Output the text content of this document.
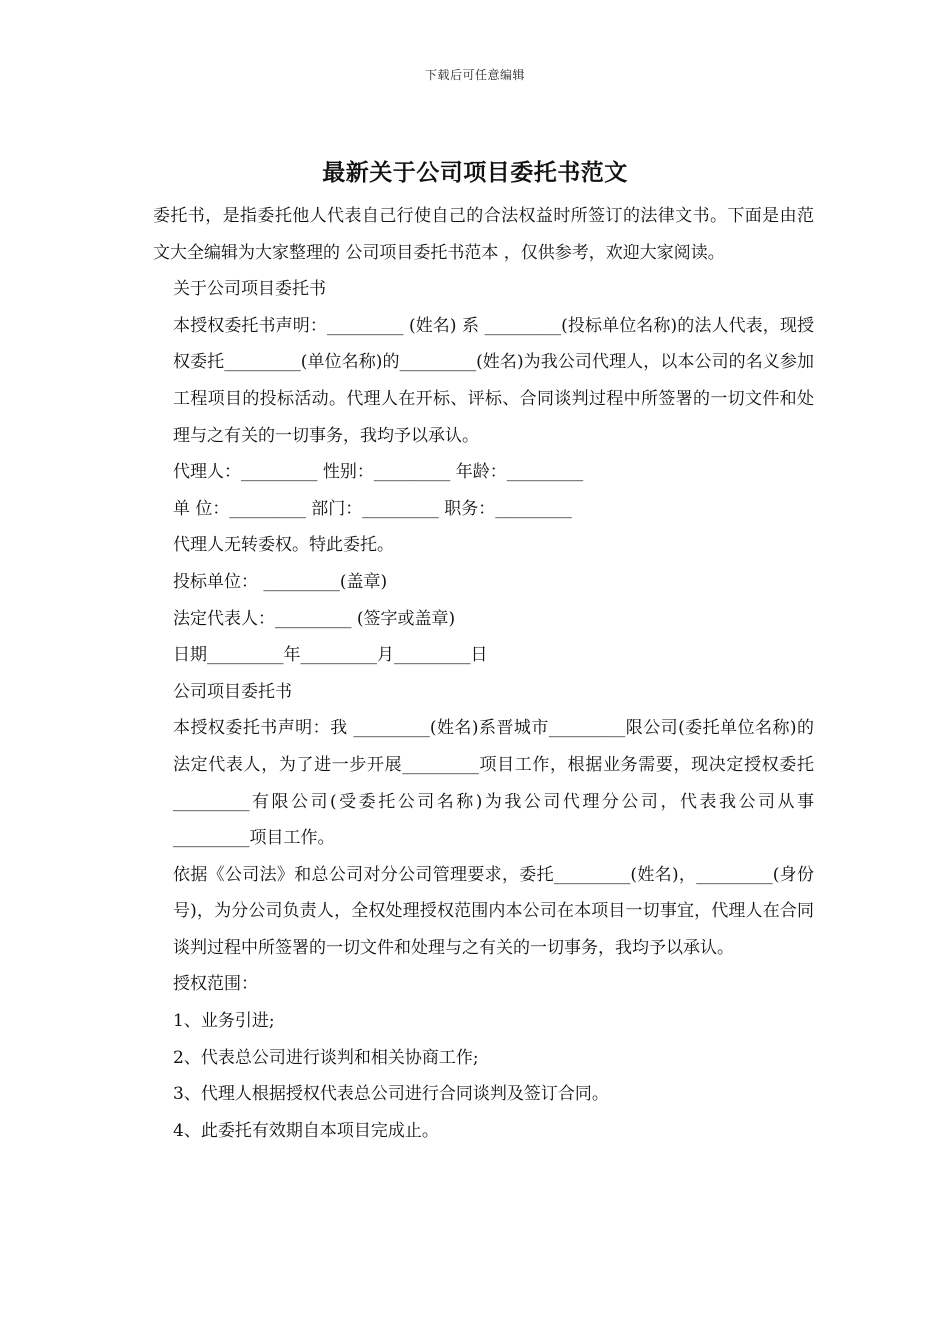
下载后可任意编辑
最新关于公司项目委托书范文

委托书，是指委托他人代表自己行使自己的合法权益时所签订的法律文书。下面是由范文大全编辑为大家整理的 公司项目委托书范本 ，仅供参考，欢迎大家阅读。

关于公司项目委托书

本授权委托书声明：_________ (姓名) 系 _________(投标单位名称)的法人代表，现授权委托_________(单位名称)的_________(姓名)为我公司代理人，以本公司的名义参加 工程项目的投标活动。代理人在开标、评标、合同谈判过程中所签署的一切文件和处理与之有关的一切事务，我均予以承认。

代理人：_________ 性别：_________ 年龄：_________

单 位：_________ 部门：_________ 职务：_________

代理人无转委权。特此委托。

投标单位： _________(盖章)

法定代表人：_________ (签字或盖章)

日期_________年_________月_________日

公司项目委托书

本授权委托书声明：我 _________(姓名)系晋城市_________限公司(委托单位名称)的法定代表人，为了进一步开展_________项目工作，根据业务需要，现决定授权委托_________有限公司(受委托公司名称)为我公司代理分公司，代表我公司从事_________项目工作。

依据《公司法》和总公司对分公司管理要求，委托_________(姓名)，_________(身份号)，为分公司负责人，全权处理授权范围内本公司在本项目一切事宜，代理人在合同谈判过程中所签署的一切文件和处理与之有关的一切事务，我均予以承认。

授权范围：

1、业务引进;

2、代表总公司进行谈判和相关协商工作;

3、代理人根据授权代表总公司进行合同谈判及签订合同。

4、此委托有效期自本项目完成止。
